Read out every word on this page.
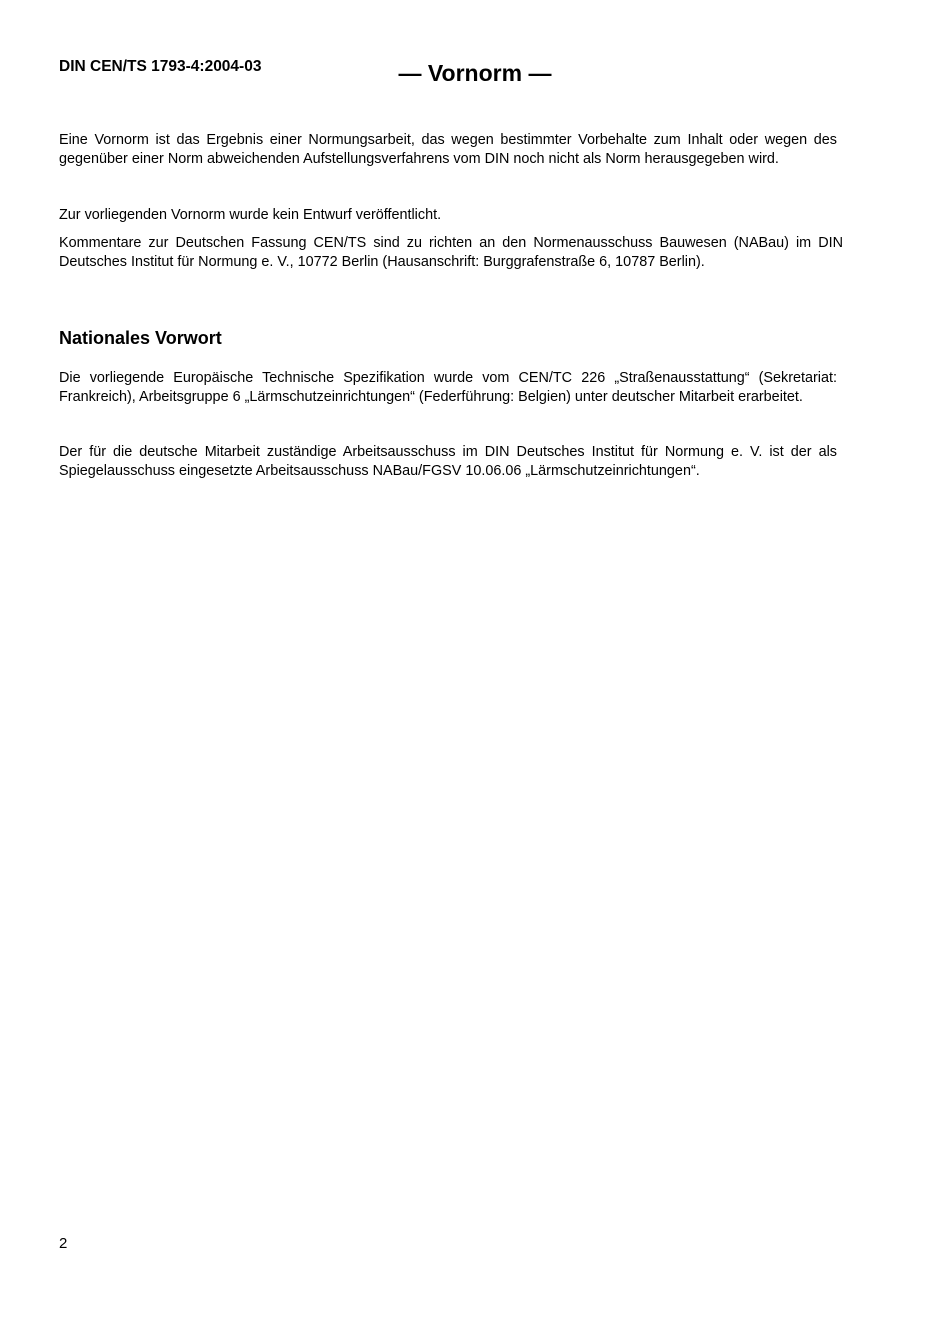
DIN CEN/TS 1793-4:2004-03	— Vornorm —

Eine Vornorm ist das Ergebnis einer Normungsarbeit, das wegen bestimmter Vorbehalte zum Inhalt oder wegen des gegenüber einer Norm abweichenden Aufstellungsverfahrens vom DIN noch nicht als Norm herausgegeben wird.

Zur vorliegenden Vornorm wurde kein Entwurf veröffentlicht.

Kommentare zur Deutschen Fassung CEN/TS sind zu richten an den Normenausschuss Bauwesen (NABau) im DIN Deutsches Institut für Normung e. V., 10772 Berlin (Hausanschrift: Burggrafenstraße 6, 10787 Berlin).

Nationales Vorwort

Die vorliegende Europäische Technische Spezifikation wurde vom CEN/TC 226 „Straßenausstattung“ (Sekretariat: Frankreich), Arbeitsgruppe 6 „Lärmschutzeinrichtungen“ (Federführung: Belgien) unter deutscher Mitarbeit erarbeitet.

Der für die deutsche Mitarbeit zuständige Arbeitsausschuss im DIN Deutsches Institut für Normung e. V. ist der als Spiegelausschuss eingesetzte Arbeitsausschuss NABau/FGSV 10.06.06 „Lärmschutzeinrichtungen“.

2
